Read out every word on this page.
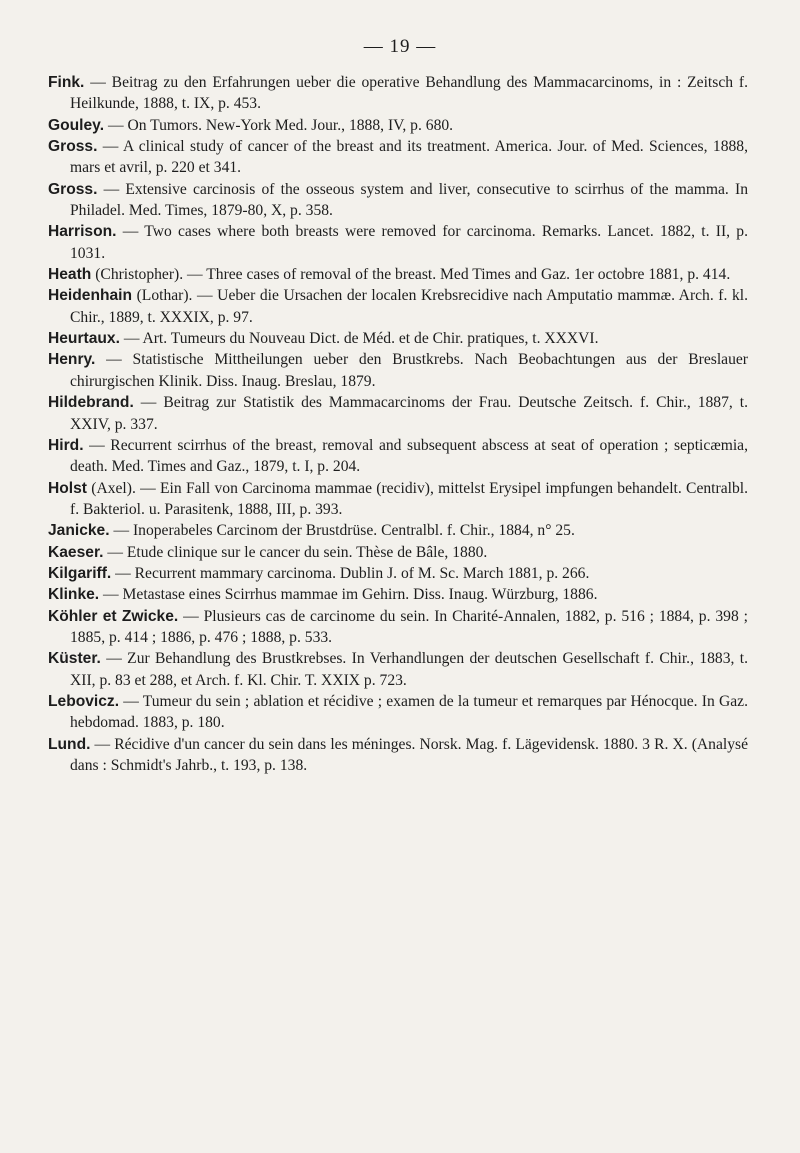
— 19 —

Fink. — Beitrag zu den Erfahrungen ueber die operative Behandlung des Mammacarcinoms, in : Zeitsch f. Heilkunde, 1888, t. IX, p. 453.

Gouley. — On Tumors. New-York Med. Jour., 1888, IV, p. 680.

Gross. — A clinical study of cancer of the breast and its treatment. America. Jour. of Med. Sciences, 1888, mars et avril, p. 220 et 341.

Gross. — Extensive carcinosis of the osseous system and liver, consecutive to scirrhus of the mamma. In Philadel. Med. Times, 1879-80, X, p. 358.

Harrison. — Two cases where both breasts were removed for carcinoma. Remarks. Lancet. 1882, t. II, p. 1031.

Heath (Christopher). — Three cases of removal of the breast. Med Times and Gaz. 1er octobre 1881, p. 414.

Heidenhain (Lothar). — Ueber die Ursachen der localen Krebsrecidive nach Amputatio mammæ. Arch. f. kl. Chir., 1889, t. XXXIX, p. 97.

Heurtaux. — Art. Tumeurs du Nouveau Dict. de Méd. et de Chir. pratiques, t. XXXVI.

Henry. — Statistische Mittheilungen ueber den Brustkrebs. Nach Beobachtungen aus der Breslauer chirurgischen Klinik. Diss. Inaug. Breslau, 1879.

Hildebrand. — Beitrag zur Statistik des Mammacarcinoms der Frau. Deutsche Zeitsch. f. Chir., 1887, t. XXIV, p. 337.

Hird. — Recurrent scirrhus of the breast, removal and subsequent abscess at seat of operation ; septicæmia, death. Med. Times and Gaz., 1879, t. I, p. 204.

Holst (Axel). — Ein Fall von Carcinoma mammae (recidiv), mittelst Erysipel impfungen behandelt. Centralbl. f. Bakteriol. u. Parasitenk, 1888, III, p. 393.

Janicke. — Inoperabeles Carcinom der Brustdrüse. Centralbl. f. Chir., 1884, n° 25.

Kaeser. — Etude clinique sur le cancer du sein. Thèse de Bâle, 1880.

Kilgariff. — Recurrent mammary carcinoma. Dublin J. of M. Sc. March 1881, p. 266.

Klinke. — Metastase eines Scirrhus mammae im Gehirn. Diss. Inaug. Würzburg, 1886.

Köhler et Zwicke. — Plusieurs cas de carcinome du sein. In Charité-Annalen, 1882, p. 516 ; 1884, p. 398 ; 1885, p. 414 ; 1886, p. 476 ; 1888, p. 533.

Küster. — Zur Behandlung des Brustkrebses. In Verhandlungen der deutschen Gesellschaft f. Chir., 1883, t. XII, p. 83 et 288, et Arch. f. Kl. Chir. T. XXIX p. 723.

Lebovicz. — Tumeur du sein ; ablation et récidive ; examen de la tumeur et remarques par Hénocque. In Gaz. hebdomad. 1883, p. 180.

Lund. — Récidive d'un cancer du sein dans les méninges. Norsk. Mag. f. Lägevidensk. 1880. 3 R. X. (Analysé dans : Schmidt's Jahrb., t. 193, p. 138.
